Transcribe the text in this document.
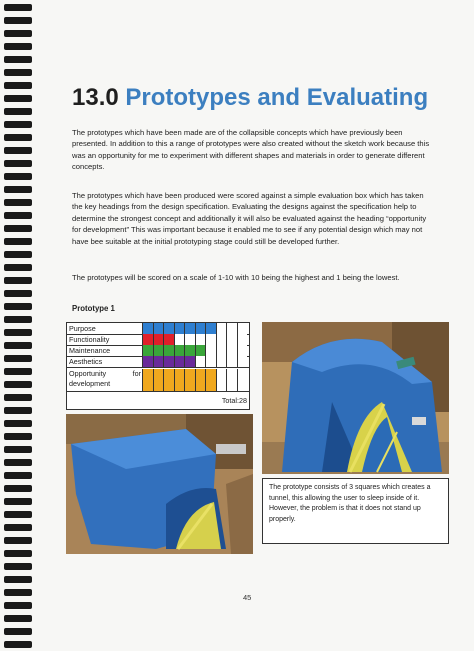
13.0 Prototypes and Evaluating

The prototypes which have been made are of the collapsible concepts which have previously been presented. In addition to this a range of prototypes were also created without the sketch work because this was an opportunity for me to experiment with different shapes and materials in order to generate different concepts.

The prototypes which have been produced were scored against a simple evaluation box which has taken the key headings from the design specification. Evaluating the designs against the specification help to determine the strongest concept and additionally it will also be evaluated against the heading “opportunity for development” This was important because it enabled me to see if any potential design which may not have bee suitable at the initial prototyping stage could still be developed further.

The prototypes will be scored on a scale of 1-10 with 10 being the highest and 1 being the lowest.

Prototype 1

Purpose
Functionality
Maintenance
Aesthetics
Opportunity	for
development
Total:28
The prototype consists of 3 squares which creates a
tunnel, this allowing the user to sleep inside of it.
However, the problem is that it does not stand up
properly.
45
